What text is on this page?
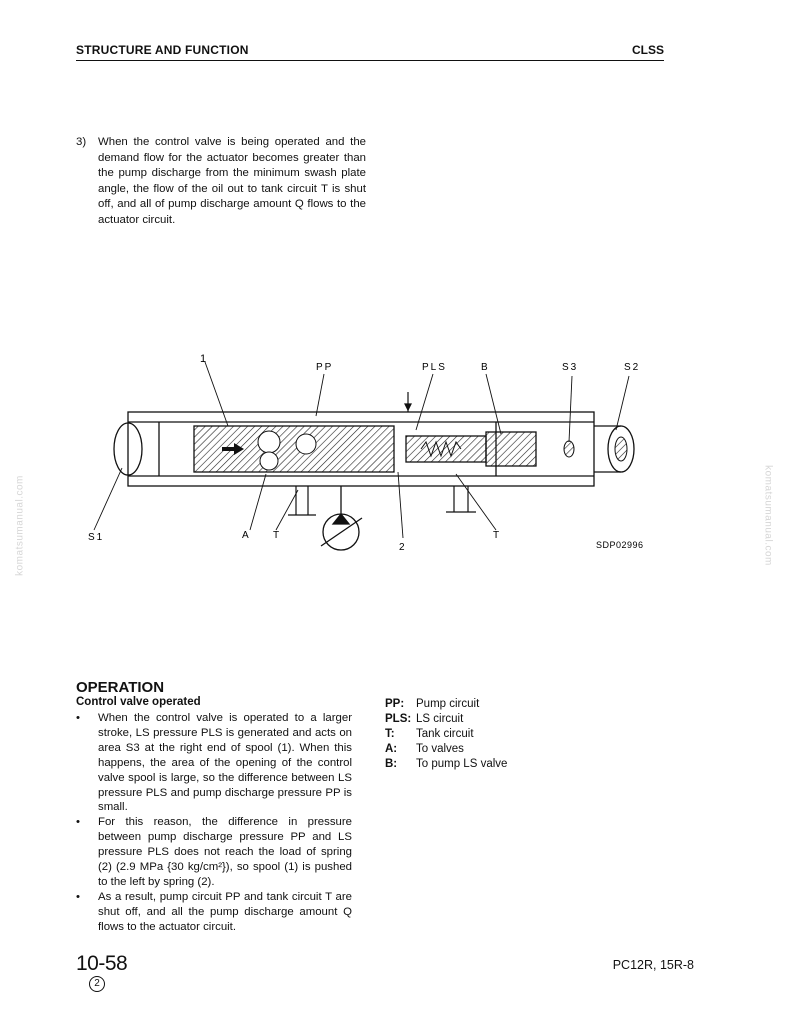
STRUCTURE AND FUNCTION	CLSS
3)	When the control valve is being operated and the demand flow for the actuator becomes greater than the pump discharge from the minimum swash plate angle, the flow of the oil out to tank circuit T is shut off, and all of pump discharge amount Q flows to the actuator circuit.
1
PP	PLS	B	S3	S2
S1	A T
2
T
SDP02996
OPERATION
Control valve operated
•	When the control valve is operated to a larger stroke, LS pressure PLS is generated and acts on area S3 at the right end of spool (1). When this happens, the area of the opening of the control valve spool is large, so the difference between LS pressure PLS and pump discharge pressure PP is small.
•	For this reason, the difference in pressure between pump discharge pressure PP and LS pressure PLS does not reach the load of spring (2) (2.9 MPa {30 kg/cm²}), so spool (1) is pushed to the left by spring (2).
•	As a result, pump circuit PP and tank circuit T are shut off, and all the pump discharge amount Q flows to the actuator circuit.
PP:	Pump circuit
PLS: LS circuit
T:	Tank circuit
A:	To valves
B:	To pump LS valve
10-58
2
PC12R, 15R-8
komatsumanual.com	komatsumanual.com
